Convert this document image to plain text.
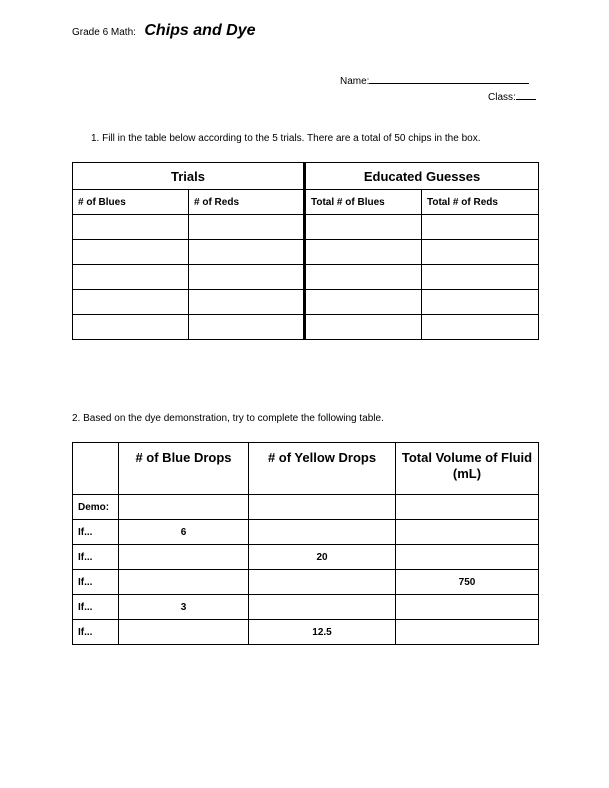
Grade 6 Math: Chips and Dye
Name:
Class:
1. Fill in the table below according to the 5 trials. There are a total of 50 chips in the box.
Trials		Educated Guesses	
# of Blues	# of Reds	Total # of Blues	Total # of Reds

2. Based on the dye demonstration, try to complete the following table.
	# of Blue Drops	# of Yellow Drops	Total Volume of Fluid (mL)
Demo:			
If...	6		
If...		20	
If...			750
If...	3		
If...		12.5	
